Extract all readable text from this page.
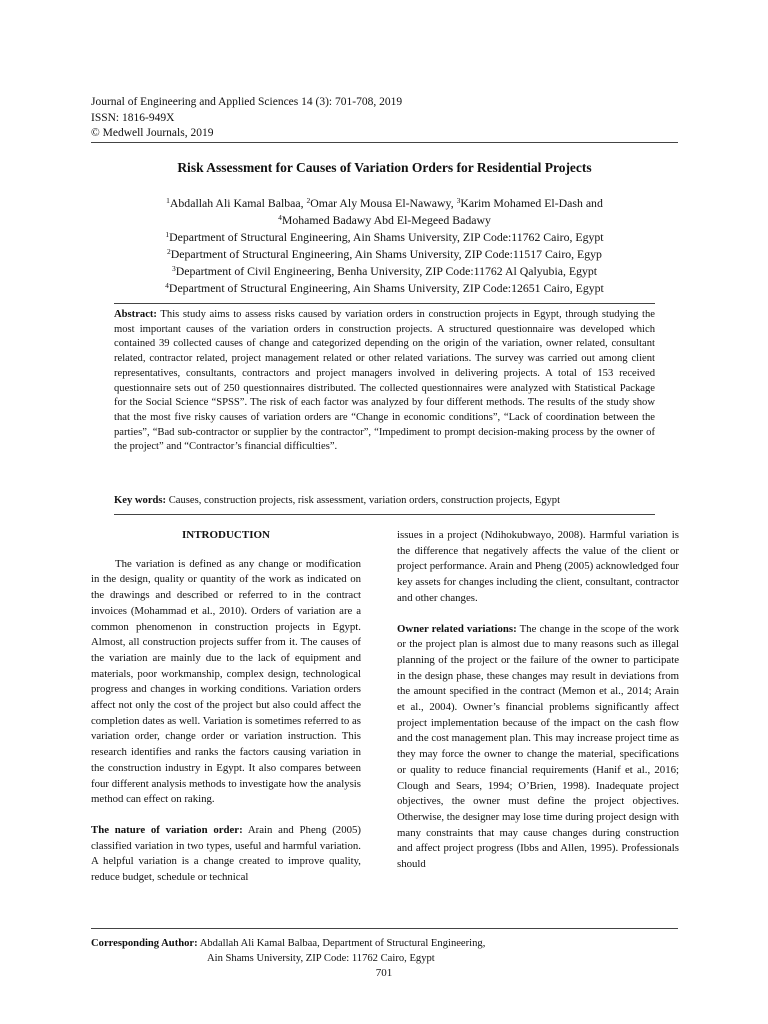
Journal of Engineering and Applied Sciences 14 (3): 701-708, 2019
ISSN: 1816-949X
© Medwell Journals, 2019
Risk Assessment for Causes of Variation Orders for Residential Projects
$^1$Abdallah Ali Kamal Balbaa, $^2$Omar Aly Mousa El-Nawawy, $^3$Karim Mohamed El-Dash and
$^4$Mohamed Badawy Abd El-Megeed Badawy
$^1$Department of Structural Engineering, Ain Shams University, ZIP Code:11762 Cairo, Egypt
$^2$Department of Structural Engineering, Ain Shams University, ZIP Code:11517 Cairo, Egyp
$^3$Department of Civil Engineering, Benha University, ZIP Code:11762 Al Qalyubia, Egypt
$^4$Department of Structural Engineering, Ain Shams University, ZIP Code:12651 Cairo, Egypt
Abstract: This study aims to assess risks caused by variation orders in construction projects in Egypt, through studying the most important causes of the variation orders in construction projects. A structured questionnaire was developed which contained 39 collected causes of change and categorized depending on the origin of the variation, owner related, consultant related, contractor related, project management related or other related variations. The survey was carried out among client representatives, consultants, contractors and project managers involved in delivering projects. A total of 153 received questionnaire sets out of 250 questionnaires distributed. The collected questionnaires were analyzed with Statistical Package for the Social Science “SPSS”. The risk of each factor was analyzed by four different methods. The results of the study show that the most five risky causes of variation orders are “Change in economic conditions”, “Lack of coordination between the parties”, “Bad sub-contractor or supplier by the contractor”, “Impediment to prompt decision-making process by the owner of the project” and “Contractor’s financial difficulties”.
Key words: Causes, construction projects, risk assessment, variation orders, construction projects, Egypt

INTRODUCTION

The variation is defined as any change or modification in the design, quality or quantity of the work as indicated on the drawings and described or referred to in the contract invoices (Mohammad et al., 2010). Orders of variation are a common phenomenon in construction projects in Egypt. Almost, all construction projects suffer from it. The causes of the variation are mainly due to the lack of equipment and materials, poor workmanship, complex design, technological progress and changes in working conditions. Variation orders affect not only the cost of the project but also could affect the completion dates as well. Variation is sometimes referred to as variation order, change order or variation instruction. This research identifies and ranks the factors causing variation in the construction industry in Egypt. It also compares between four different analysis methods to investigate how the analysis method can effect on raking.

The nature of variation order: Arain and Pheng (2005) classified variation in two types, useful and harmful variation. A helpful variation is a change created to improve quality, reduce budget, schedule or technical

issues in a project (Ndihokubwayo, 2008). Harmful variation is the difference that negatively affects the value of the client or project performance. Arain and Pheng (2005) acknowledged four key assets for changes including the client, consultant, contractor and other changes.

Owner related variations: The change in the scope of the work or the project plan is almost due to many reasons such as illegal planning of the project or the failure of the owner to participate in the design phase, these changes may result in deviations from the amount specified in the contract (Memon et al., 2014; Arain et al., 2004). Owner’s financial problems significantly affect project implementation because of the impact on the cash flow and the cost management plan. This may increase project time as they may force the owner to change the material, specifications or quality to reduce financial requirements (Hanif et al., 2016; Clough and Sears, 1994; O’Brien, 1998). Inadequate project objectives, the owner must define the project objectives. Otherwise, the designer may lose time during project design with many constraints that may cause changes during construction and affect project progress (Ibbs and Allen, 1995). Professionals should

Corresponding Author: Abdallah Ali Kamal Balbaa, Department of Structural Engineering,
Ain Shams University, ZIP Code: 11762 Cairo, Egypt
701
